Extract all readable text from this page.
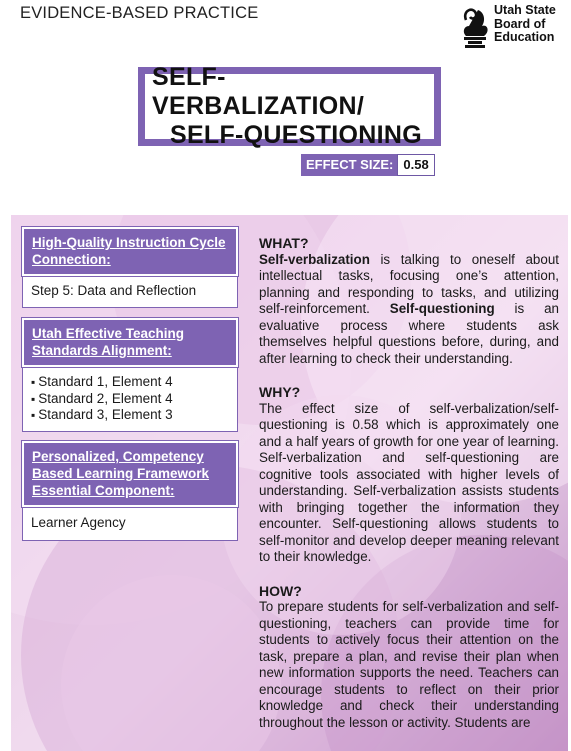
EVIDENCE-BASED PRACTICE	Utah State
Board of
Education
SELF-VERBALIZATION/
SELF-QUESTIONING
EFFECT SIZE: 0.58
High-Quality Instruction Cycle Connection:
Step 5: Data and Reflection
Utah Effective Teaching Standards Alignment:
▪ Standard 1, Element 4
▪ Standard 2, Element 4
▪ Standard 3, Element 3
Personalized, Competency Based Learning Framework Essential Component:
Learner Agency
WHAT?
Self-verbalization is talking to oneself about intellectual tasks, focusing one’s attention, planning and responding to tasks, and utilizing self-reinforcement. Self-questioning is an evaluative process where students ask themselves helpful questions before, during, and after learning to check their understanding.
WHY?
The effect size of self-verbalization/self-questioning is 0.58 which is approximately one and a half years of growth for one year of learning. Self-verbalization and self-questioning are cognitive tools associated with higher levels of understanding. Self-verbalization assists students with bringing together the information they encounter. Self-questioning allows students to self-monitor and develop deeper meaning relevant to their knowledge.
HOW?
To prepare students for self-verbalization and self-questioning, teachers can provide time for students to actively focus their attention on the task, prepare a plan, and revise their plan when new information supports the need. Teachers can encourage students to reflect on their prior knowledge and check their understanding throughout the lesson or activity. Students are
